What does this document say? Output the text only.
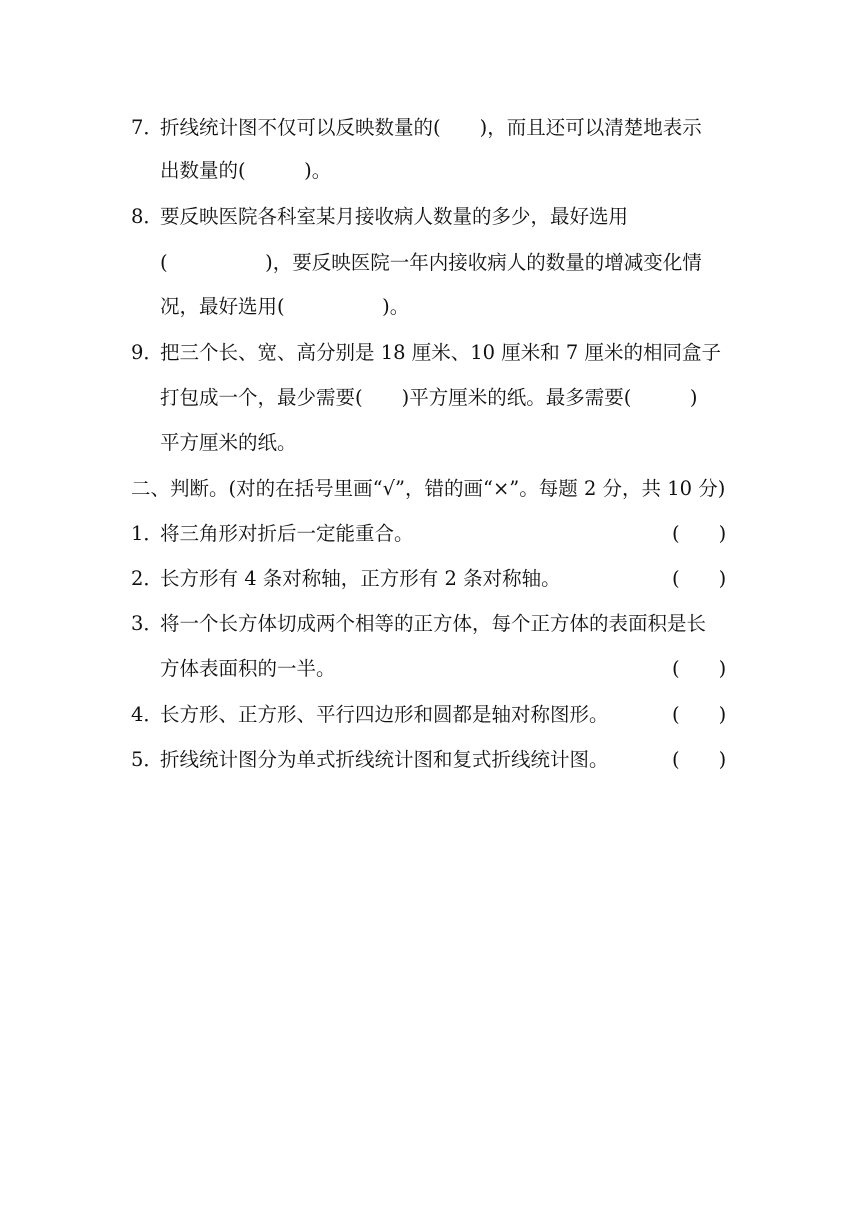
7．
折线统计图不仅可以反映数量的(　　)，而且还可以清楚地表示
出数量的(　　　)。
8．
要反映医院各科室某月接收病人数量的多少，最好选用
(　　　　　)，要反映医院一年内接收病人的数量的增减变化情
况，最好选用(　　　　　)。
9．
把三个长、宽、高分别是 18 厘米、10 厘米和 7 厘米的相同盒子
打包成一个，最少需要(　　)平方厘米的纸。最多需要(　　　)
平方厘米的纸。
二、判断。(对的在括号里画“√”，错的画“×”。每题 2 分，共 10 分)
1．
将三角形对折后一定能重合。	(　　)
2．
长方形有 4 条对称轴，正方形有 2 条对称轴。	(　　)
3．
将一个长方体切成两个相等的正方体，每个正方体的表面积是长
方体表面积的一半。	(　　)
4．
长方形、正方形、平行四边形和圆都是轴对称图形。	(　　)
5．
折线统计图分为单式折线统计图和复式折线统计图。	(　　)
